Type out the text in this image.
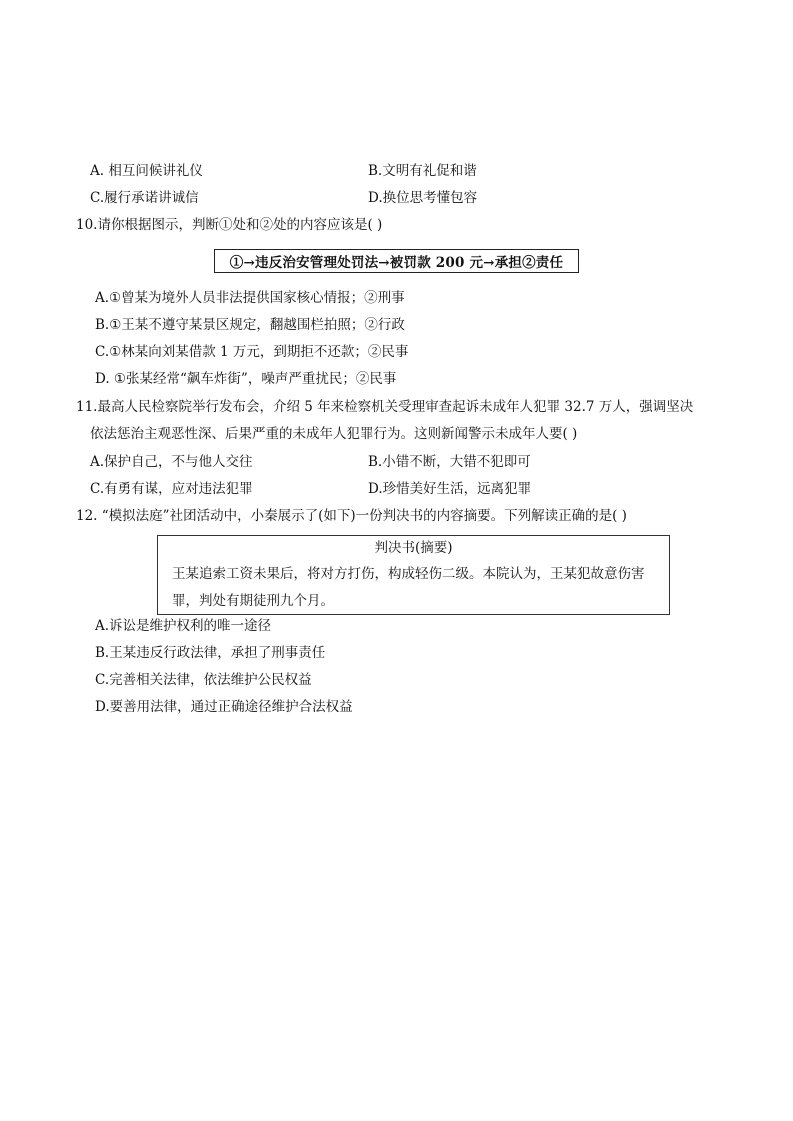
A. 相互问候讲礼仪	B.文明有礼促和谐
C.履行承诺讲诚信	D.换位思考懂包容
10.请你根据图示，判断①处和②处的内容应该是( )
①→违反治安管理处罚法→被罚款 200 元→承担②责任
A.①曾某为境外人员非法提供国家核心情报；②刑事
B.①王某不遵守某景区规定，翻越围栏拍照；②行政
C.①林某向刘某借款 1 万元，到期拒不还款；②民事
D. ①张某经常“飙车炸街”，噪声严重扰民；②民事
11.最高人民检察院举行发布会，介绍 5 年来检察机关受理审查起诉未成年人犯罪 32.7 万人，强调坚决
依法惩治主观恶性深、后果严重的未成年人犯罪行为。这则新闻警示未成年人要( )
A.保护自己，不与他人交往	B.小错不断，大错不犯即可
C.有勇有谋，应对违法犯罪	D.珍惜美好生活，远离犯罪
12. “模拟法庭”社团活动中，小秦展示了(如下)一份判决书的内容摘要。下列解读正确的是( )
判决书(摘要)
王某追索工资未果后，将对方打伤，构成轻伤二级。本院认为，王某犯故意伤害罪，判处有期徒刑九个月。
A.诉讼是维护权利的唯一途径
B.王某违反行政法律，承担了刑事责任
C.完善相关法律，依法维护公民权益
D.要善用法律，通过正确途径维护合法权益
